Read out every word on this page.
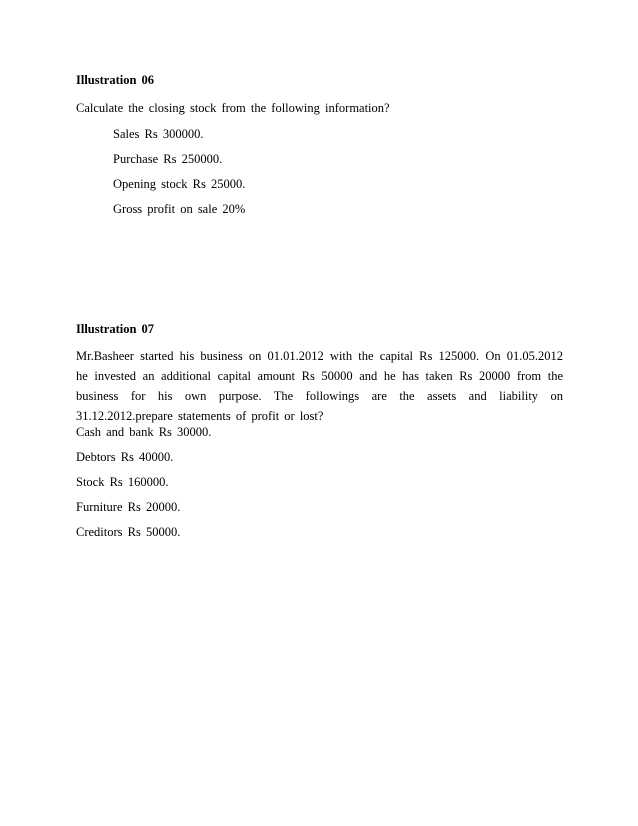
Illustration 06
Calculate the closing stock from the following information?
Sales Rs 300000.
Purchase Rs 250000.
Opening stock Rs 25000.
Gross profit on sale 20%
Illustration 07
Mr.Basheer started his business on 01.01.2012 with the capital Rs 125000. On 01.05.2012 he invested an additional capital amount Rs 50000 and he has taken Rs 20000 from the business for his own purpose. The followings are the assets and liability on 31.12.2012.prepare statements of profit or lost?
Cash and bank Rs 30000.
Debtors Rs 40000.
Stock Rs 160000.
Furniture Rs 20000.
Creditors Rs 50000.
